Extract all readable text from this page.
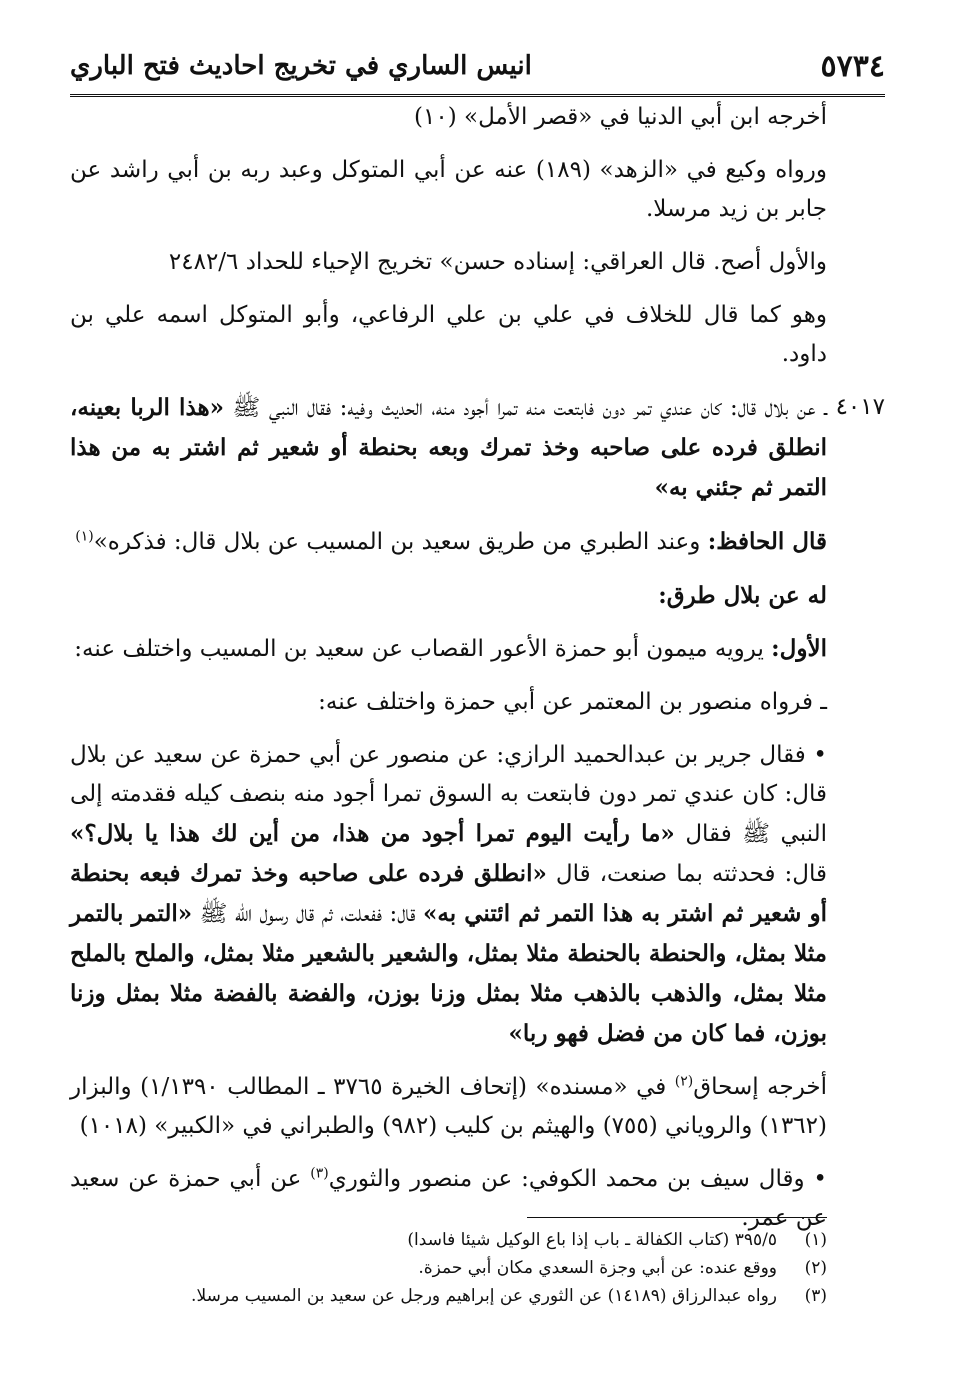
٥٧٣٤
انيس الساري في تخريج احاديث فتح الباري

أخرجه ابن أبي الدنيا في «قصر الأمل» (١٠)

ورواه وكيع في «الزهد» (١٨٩) عنه عن أبي المتوكل وعبد ربه بن أبي راشد عن جابر بن زيد مرسلا.

والأول أصح. قال العراقي: إسناده حسن» تخريج الإحياء للحداد ٢٤٨٢/٦

وهو كما قال للخلاف في علي بن علي الرفاعي، وأبو المتوكل اسمه علي بن داود.

٤٠١٧
ـ عن بلال قال: كان عندي تمر دون فابتعت منه تمرا أجود منه، الحديث وفيه: فقال النبي ﷺ «هذا الربا بعينه، انطلق فرده على صاحبه وخذ تمرك وبعه بحنطة أو شعير ثم اشتر به من هذا التمر ثم جئني به»

قال الحافظ: وعند الطبري من طريق سعيد بن المسيب عن بلال قال: فذكره»$^{(١)}$

له عن بلال طرق:

الأول: يرويه ميمون أبو حمزة الأعور القصاب عن سعيد بن المسيب واختلف عنه:

ـ فرواه منصور بن المعتمر عن أبي حمزة واختلف عنه:

• فقال جرير بن عبدالحميد الرازي: عن منصور عن أبي حمزة عن سعيد عن بلال قال: كان عندي تمر دون فابتعت به السوق تمرا أجود منه بنصف كيله فقدمته إلى النبي ﷺ فقال «ما رأيت اليوم تمرا أجود من هذا، من أين لك هذا يا بلال؟» قال: فحدثته بما صنعت، قال «انطلق فرده على صاحبه وخذ تمرك فبعه بحنطة أو شعير ثم اشتر به هذا التمر ثم ائتني به» قال: ففعلت، ثم قال رسول الله ﷺ «التمر بالتمر مثلا بمثل، والحنطة بالحنطة مثلا بمثل، والشعير بالشعير مثلا بمثل، والملح بالملح مثلا بمثل، والذهب بالذهب مثلا بمثل وزنا بوزن، والفضة بالفضة مثلا بمثل وزنا بوزن، فما كان من فضل فهو ربا»

أخرجه إسحاق$^{(٢)}$ في «مسنده» (إتحاف الخيرة ٣٧٦٥ ـ المطالب ١/١٣٩٠) والبزار (١٣٦٢) والروياني (٧٥٥) والهيثم بن كليب (٩٨٢) والطبراني في «الكبير» (١٠١٨)

• وقال سيف بن محمد الكوفي: عن منصور والثوري$^{(٣)}$ عن أبي حمزة عن سعيد عن عمر.

(١)
٣٩٥/٥ (كتاب الكفالة ـ باب إذا باع الوكيل شيئا فاسدا)
(٢)
ووقع عنده: عن أبي وجزة السعدي مكان أبي حمزة.
(٣)
رواه عبدالرزاق (١٤١٨٩) عن الثوري عن إبراهيم ورجل عن سعيد بن المسيب مرسلا.
